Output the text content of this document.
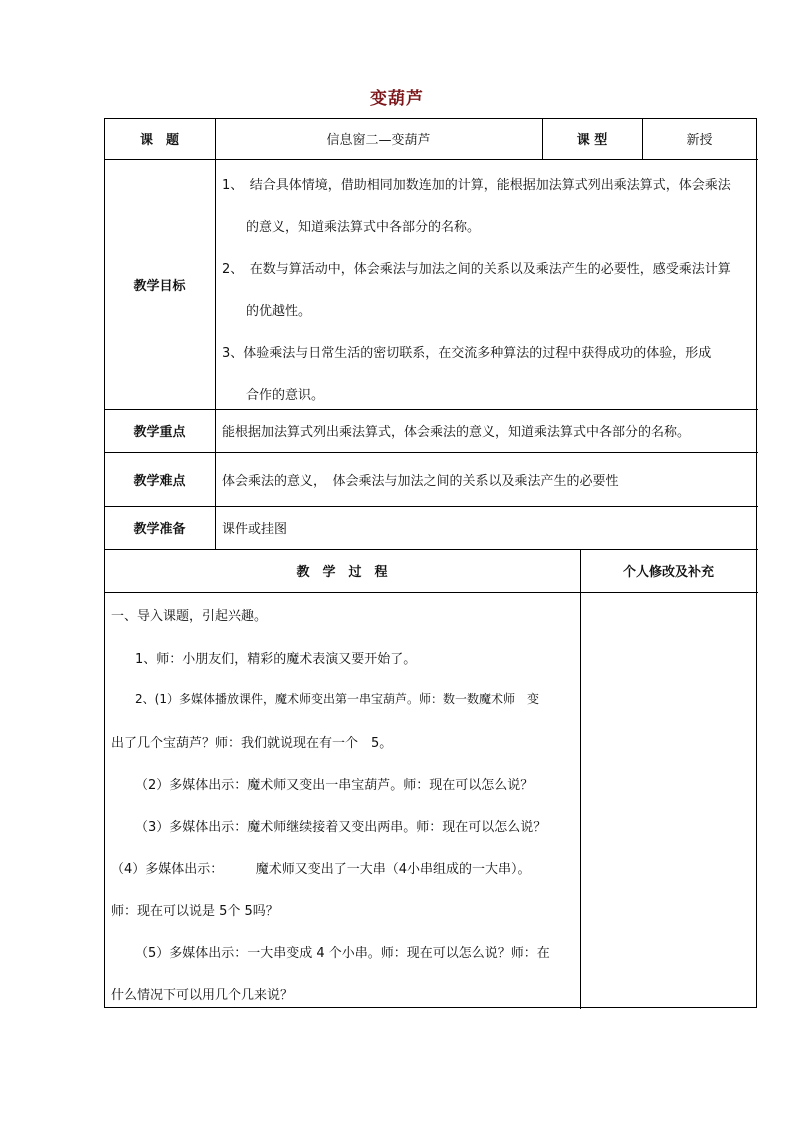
变葫芦
课　题	信息窗二—变葫芦	课 型	新授
教学目标
1、　结合具体情境，借助相同加数连加的计算，能根据加法算式列出乘法算式，体会乘法
的意义，知道乘法算式中各部分的名称。
2、　在数与算活动中，体会乘法与加法之间的关系以及乘法产生的必要性，感受乘法计算
的优越性。
3、体验乘法与日常生活的密切联系，在交流多种算法的过程中获得成功的体验，形成
合作的意识。
教学重点	能根据加法算式列出乘法算式，体会乘法的意义，知道乘法算式中各部分的名称。
教学难点	体会乘法的意义，　体会乘法与加法之间的关系以及乘法产生的必要性
教学准备	课件或挂图
教　学　过　程	个人修改及补充
一、导入课题，引起兴趣。
1、师：小朋友们，精彩的魔术表演又要开始了。
2、(1）多媒体播放课件，魔术师变出第一串宝葫芦。师：数一数魔术师　变
出了几个宝葫芦？师：我们就说现在有一个　5。
（2）多媒体出示：魔术师又变出一串宝葫芦。师：现在可以怎么说？
（3）多媒体出示：魔术师继续接着又变出两串。师：现在可以怎么说？
（4）多媒体出示：　　　魔术师又变出了一大串（4小串组成的一大串）。
师：现在可以说是 5个 5吗？
（5）多媒体出示：一大串变成 4 个小串。师：现在可以怎么说？师：在
什么情况下可以用几个几来说？
